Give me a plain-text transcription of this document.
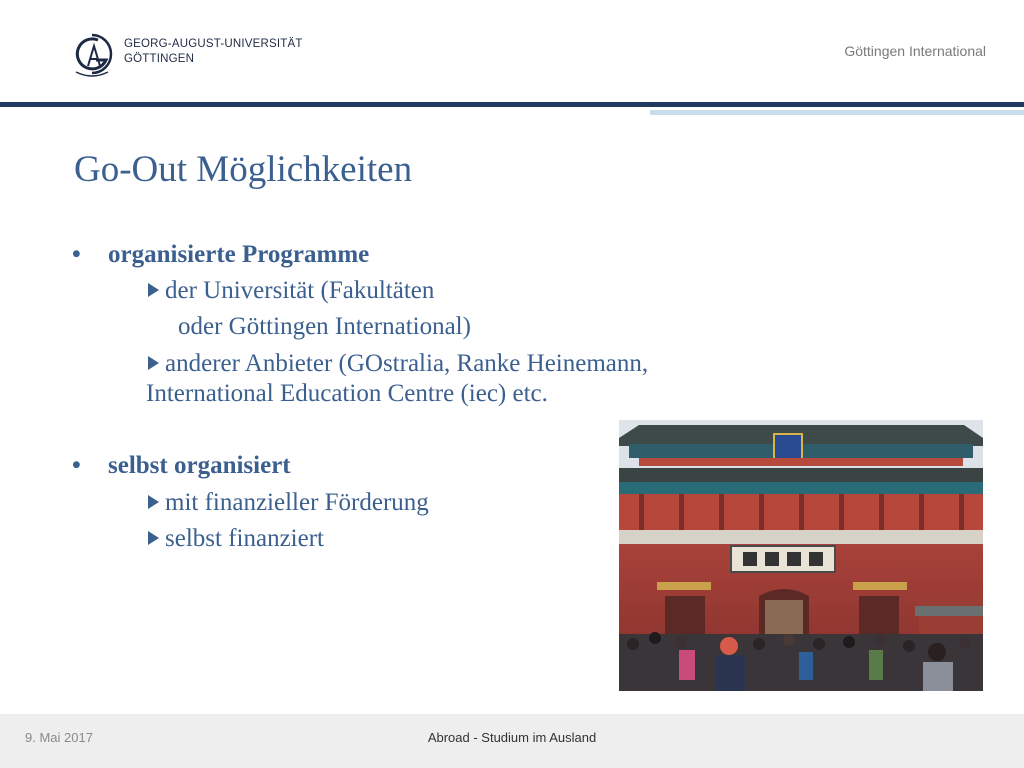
GEORG-AUGUST-UNIVERSITÄT
GÖTTINGEN	Göttingen International
Go-Out Möglichkeiten
• organisierte Programme
der Universität (Fakultäten
oder Göttingen International)
anderer Anbieter (GOstralia, Ranke Heinemann,
International Education Centre (iec) etc.
• selbst organisiert
mit finanzieller Förderung
selbst finanziert
9. Mai 2017	Abroad - Studium im Ausland
